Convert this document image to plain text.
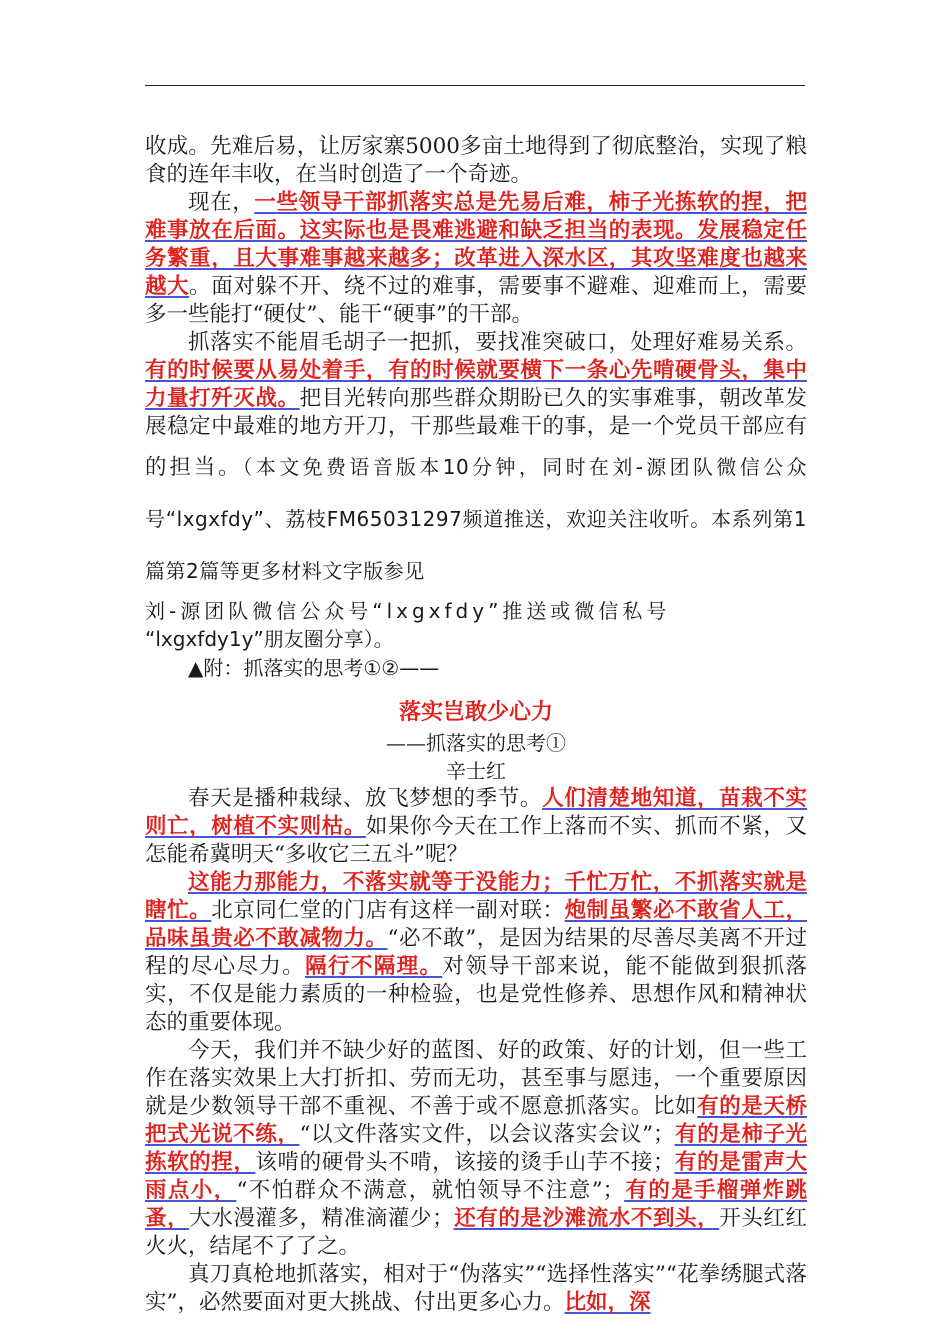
收成。先难后易，让厉家寨5000多亩土地得到了彻底整治，实现了粮食的连年丰收，在当时创造了一个奇迹。

现在，一些领导干部抓落实总是先易后难，柿子光拣软的捏，把难事放在后面。这实际也是畏难逃避和缺乏担当的表现。发展稳定任务繁重，且大事难事越来越多；改革进入深水区，其攻坚难度也越来越大。面对躲不开、绕不过的难事，需要事不避难、迎难而上，需要多一些能打“硬仗”、能干“硬事”的干部。

抓落实不能眉毛胡子一把抓，要找准突破口，处理好难易关系。有的时候要从易处着手，有的时候就要横下一条心先啃硬骨头，集中力量打歼灭战。把目光转向那些群众期盼已久的实事难事，朝改革发展稳定中最难的地方开刀，干那些最难干的事，是一个党员干部应有的担当。（本文免费语音版本10分钟，同时在刘-源团队微信公众号“lxgxfdy”、荔枝FM65031297频道推送，欢迎关注收听。本系列第1篇第2篇等更多材料文字版参见

刘-源团队微信公众号“lxgxfdy”推送或微信私号

“lxgxfdy1y”朋友圈分享）。

▲附：抓落实的思考①②——

落实岂敢少心力

——抓落实的思考①

辛士红

春天是播种栽绿、放飞梦想的季节。人们清楚地知道，苗栽不实则亡，树植不实则枯。如果你今天在工作上落而不实、抓而不紧，又怎能希冀明天“多收它三五斗”呢？

这能力那能力，不落实就等于没能力；千忙万忙，不抓落实就是瞎忙。北京同仁堂的门店有这样一副对联：炮制虽繁必不敢省人工，品味虽贵必不敢减物力。“必不敢”，是因为结果的尽善尽美离不开过程的尽心尽力。隔行不隔理。对领导干部来说，能不能做到狠抓落实，不仅是能力素质的一种检验，也是党性修养、思想作风和精神状态的重要体现。

今天，我们并不缺少好的蓝图、好的政策、好的计划，但一些工作在落实效果上大打折扣、劳而无功，甚至事与愿违，一个重要原因就是少数领导干部不重视、不善于或不愿意抓落实。比如有的是天桥把式光说不练，“以文件落实文件，以会议落实会议”；有的是柿子光拣软的捏，该啃的硬骨头不啃，该接的烫手山芋不接；有的是雷声大雨点小，“不怕群众不满意，就怕领导不注意”；有的是手榴弹炸跳蚤，大水漫灌多，精准滴灌少；还有的是沙滩流水不到头，开头红红火火，结尾不了了之。

真刀真枪地抓落实，相对于“伪落实”“选择性落实”“花拳绣腿式落实”，必然要面对更大挑战、付出更多心力。比如，深
